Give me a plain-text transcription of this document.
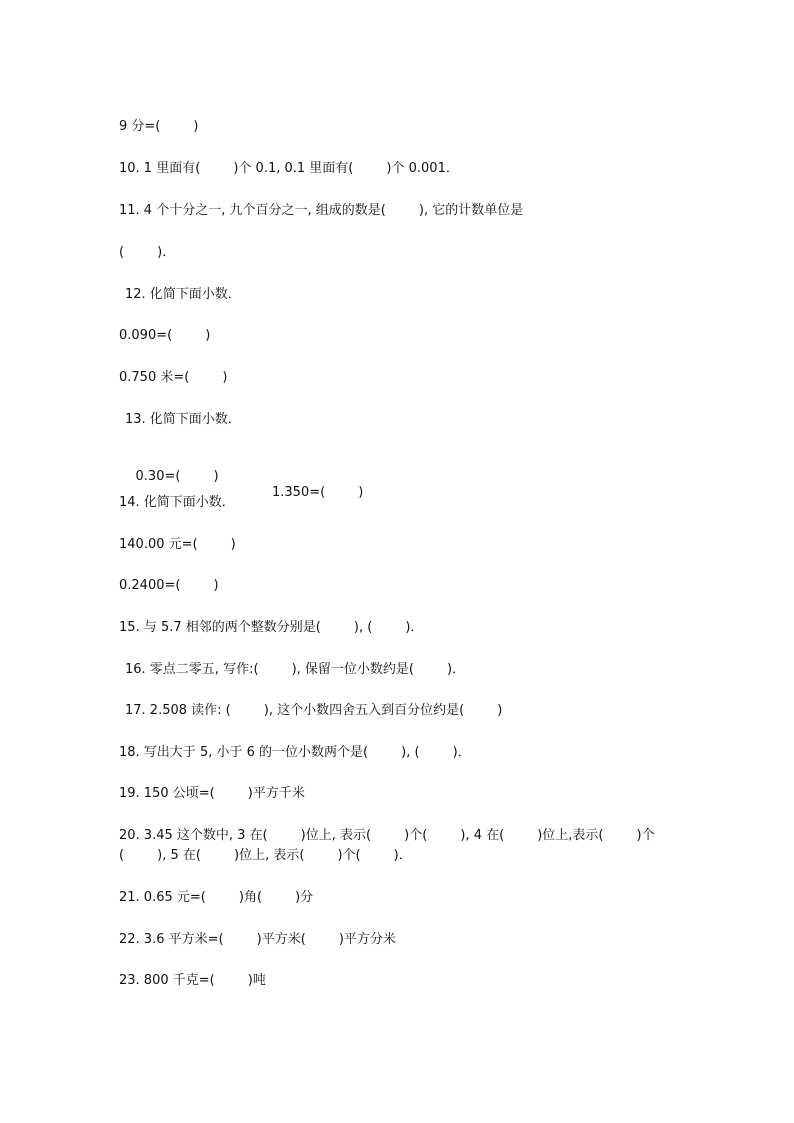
9 分=(        )
10. 1 里面有(        )个 0.1, 0.1 里面有(        )个 0.001．
11. 4 个十分之一, 九个百分之一, 组成的数是(        ), 它的计数单位是
(        )．
12. 化简下面小数．
0.090=(        )
0.750 米=(        )
13. 化简下面小数．

0.30=(        )

1.350=(        )

14. 化简下面小数．
140.00 元=(        )
0.2400=(        )
15. 与 5.7 相邻的两个整数分别是(        ), (        )．
16. 零点二零五, 写作:(        ), 保留一位小数约是(        )．
17. 2.508 读作: (        ), 这个小数四舍五入到百分位约是(        )
18. 写出大于 5, 小于 6 的一位小数两个是(        ), (        )．
19. 150 公顷=(        )平方千米
20. 3.45 这个数中, 3 在(        )位上, 表示(        )个(        ), 4 在(        )位上,表示(        )个
(        ), 5 在(        )位上, 表示(        )个(        )．
21. 0.65 元=(        )角(        )分
22. 3.6 平方米=(        )平方米(        )平方分米
23. 800 千克=(        )吨
